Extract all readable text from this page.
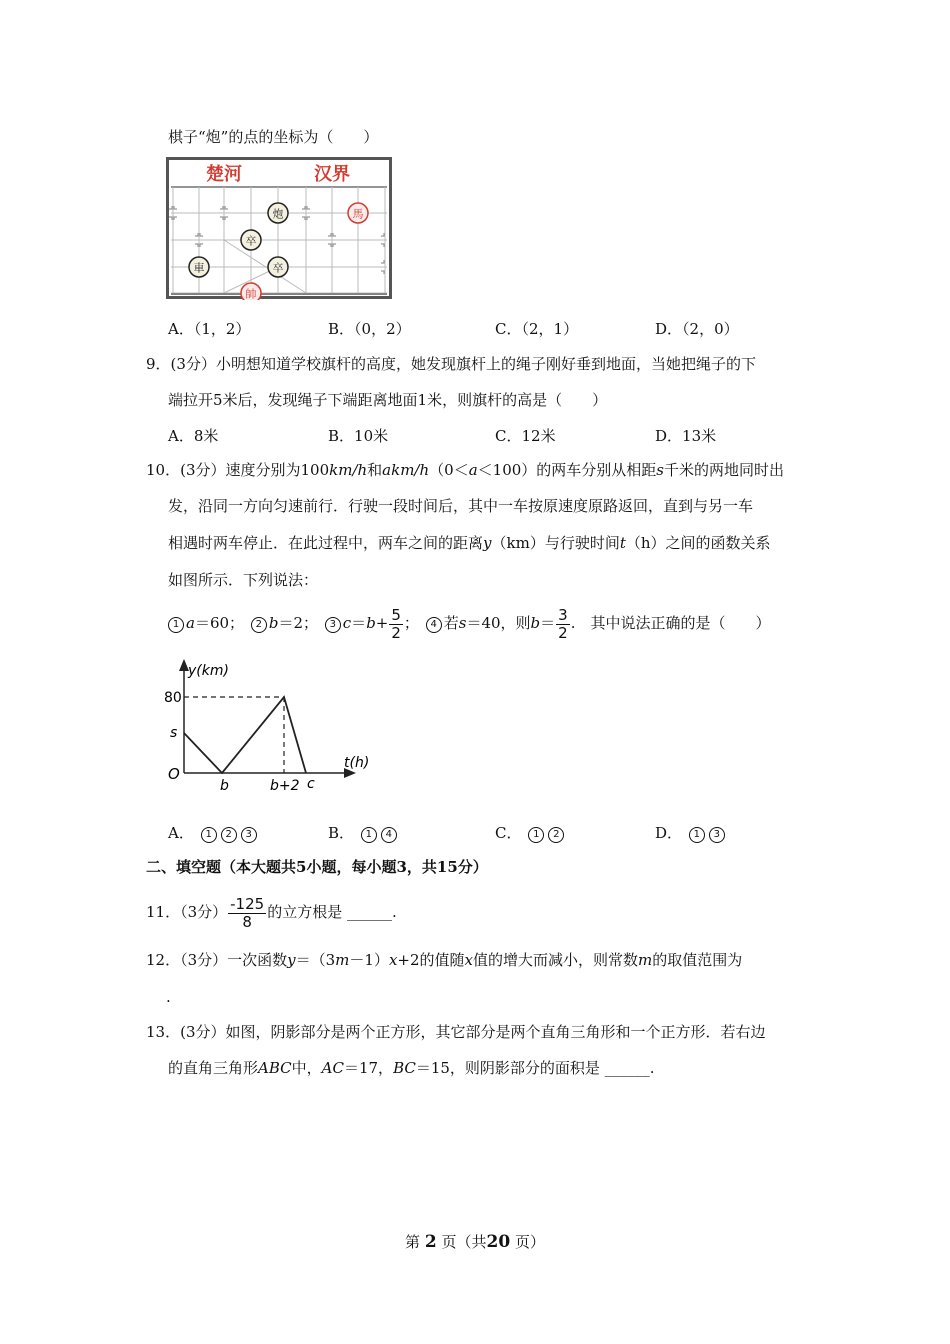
棋子“炮”的点的坐标为（　　）
楚河	汉界
炮	馬
卒
車	卒
帥
A．（1，2）	B．（0，2）	C．（2，1）	D．（2，0）
9．(3分）小明想知道学校旗杆的高度，她发现旗杆上的绳子刚好垂到地面，当她把绳子的下
端拉开5米后，发现绳子下端距离地面1米，则旗杆的高是（　　）
A．8米	B．10米	C．12米	D．13米
10．(3分）速度分别为100km/h和akm/h（0＜a＜100）的两车分别从相距s千米的两地同时出
发，沿同一方向匀速前行．行驶一段时间后，其中一车按原速度原路返回，直到与另一车
相遇时两车停止．在此过程中，两车之间的距离y（km）与行驶时间t（h）之间的函数关系
如图所示．下列说法：
1 a＝60； 2 b＝2； 3 $c=b+ \frac{5}{2}$ ； 4 若s＝40，则$b= \frac{3}{2}$ .　其中说法正确的是（　　）
y(km)
t(h)
80
s
O
b	b+2 c
A． 1 2 3	B． 1 4	C． 1 2	D． 1 3
二、填空题（本大题共5小题，每小题3，共15分）
11．（3分） $\frac{-125}{8}$ 的立方根是 ______.
12．（3分）一次函数y＝（3m－1）x+2的值随x值的增大而减小，则常数m的取值范围为
.
13．(3分）如图，阴影部分是两个正方形，其它部分是两个直角三角形和一个正方形．若右边
的直角三角形ABC中，AC＝17，BC＝15，则阴影部分的面积是 ______.
第 2 页（共20 页）
